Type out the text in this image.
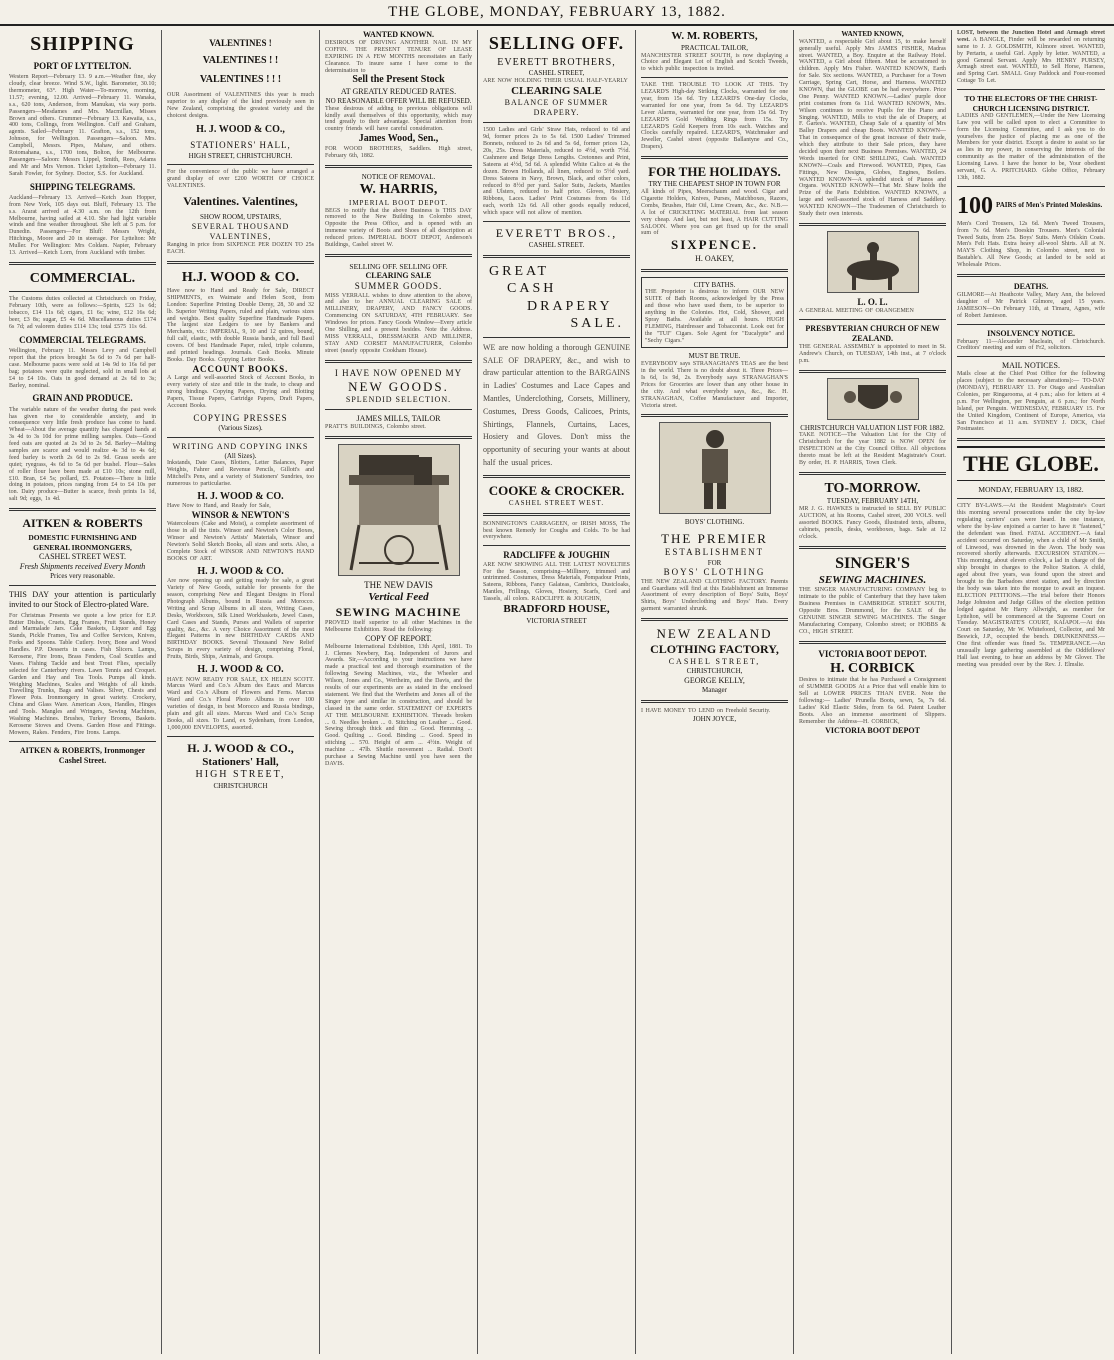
THE GLOBE, MONDAY, FEBRUARY 13, 1882.
SHIPPING
PORT OF LYTTELTON.
Western Report—February 13. 9 a.m.—Weather fine, sky cloudy, clear breeze. Wind S.W., light. Barometer, 30.10; thermometer, 63°. High Water—To-morrow, morning, 11.57; evening, 12.00. Arrived—February 11. Wanaka, s.s., 620 tons, Anderson, from Manukau, via way ports. Passengers—Mesdames and Mrs. Macmillan, Misses Brown and others. Crummer—February 13. Kawaiia, s.s., 400 tons, Collings, from Wellington. Cuff and Graham, agents. Sailed—February 11. Grafton, s.s., 152 tons, Johnson, for Wellington. Passengers—Saloon. Mrs. Campbell, Messrs. Pipes, Mahaw, and others. Rotomahana, s.s., 1700 tons, Bolton, for Melbourne. Passengers—Saloon: Messrs Lippel, Smith, Rees, Adams and Mr and Mrs Vernon. Ticket Lyttelton—February 11. Sarah Fowler, for Sydney. Doctor, S.S. for Auckland.
SHIPPING TELEGRAMS.
Auckland—February 13. Arrived—Ketch Joan Hopper, from New York, 105 days out. Bluff, February 13. The s.s. Ararat arrived at 4.30 a.m. on the 12th from Melbourne, having sailed at 4.10. She had light variable winds and fine weather throughout. She left at 5 p.m. for Dunedin. Passengers—For Bluff: Messrs Wright, Hitchings, Moore and 20 in steerage. For Lyttelton: Mr Muller. For Wellington: Mrs Coldam. Napier, February 13. Arrived—Ketch Lorn, from Auckland with timber.
COMMERCIAL.
The Customs duties collected at Christchurch on Friday, February 10th, were as follows:—Spirits, £23 1s 6d; tobacco, £14 11s 6d; cigars, £1 6s; wine, £12 16s 6d; beer, £3 8s; sugar, £5 4s 6d. Miscellaneous duties £174 6s 7d; ad valorem duties £114 13s; total £575 11s 6d.
COMMERCIAL TELEGRAMS.
Wellington, February 11. Messrs Levy and Campbell report that the prices brought 5s 6d to 7s 6d per half-case. Melbourne paces were sold at 14s 9d to 16s 6d per bag; potatoes were quite neglected, sold in small lots at £4 to £4 10s. Oats in good demand at 2s 6d to 3s; Barley, nominal.
GRAIN AND PRODUCE.
The variable nature of the weather during the past week has given rise to considerable anxiety, and in consequence very little fresh produce has come to hand. Wheat—About the average quantity has changed hands at 3s 4d to 3s 10d for prime milling samples. Oats—Good feed oats are quoted at 2s 3d to 2s 5d. Barley—Malting samples are scarce and would realize 4s 3d to 4s 6d; feed barley is worth 2s 6d to 2s 9d. Grass seeds are quiet; ryegrass, 4s 6d to 5s 6d per bushel. Flour—Sales of roller flour have been made at £10 10s; stone mill, £10. Bran, £4 5s; pollard, £5. Potatoes—There is little doing in potatoes, prices ranging from £4 to £4 10s per ton. Dairy produce—Butter is scarce, fresh prints 1s 1d, salt 9d; eggs, 1s 4d.
AITKEN & ROBERTS
DOMESTIC FURNISHING AND GENERAL IRONMONGERS,
CASHEL STREET WEST.
Fresh Shipments received Every Month
Prices very reasonable.

THIS DAY your attention is particularly invited to our Stock of Electro-plated Ware.

For Christmas Presents we quote a low price for E.P. Butter Dishes, Cruets, Egg Frames, Fruit Stands, Honey and Marmalade Jars. Cake Baskets, Liquor and Egg Stands, Pickle Frames, Tea and Coffee Services, Knives, Forks and Spoons. Table Cutlery. Ivory, Bone and Wood Handles. P.P. Desserts in cases. Fish Slicers. Lamps, Kerosene, Fire Irons, Brass Fenders, Coal Scuttles and Vases. Fishing Tackle and best Trout Flies, specially selected for Canterbury rivers. Lawn Tennis and Croquet. Garden and Hay and Tea Tools. Pumps all kinds. Weighing Machines, Scales and Weights of all kinds. Travelling Trunks, Bags and Valises. Silver, Chests and Flower Pots. Ironmongery in great variety. Crockery, China and Glass Ware. American Axes, Handles, Hinges and Tools. Mangles and Wringers, Sewing Machines, Washing Machines. Brushes, Turkey Brooms, Baskets. Kerosene Stoves and Ovens. Garden Hose and Fittings. Mowers, Rakes. Fenders, Fire Irons. Lamps.
AITKEN & ROBERTS, Ironmonger Cashel Street.
VALENTINES !
VALENTINES ! !
VALENTINES ! ! !
OUR Assortment of VALENTINES this year is much superior to any display of the kind previously seen in New Zealand, comprising the greatest variety and the choicest designs.
H. J. WOOD & CO.,
STATIONERS' HALL,
HIGH STREET, CHRISTCHURCH.
For the convenience of the public we have arranged a grand display of over £200 WORTH OF CHOICE VALENTINES.
Valentines. Valentines,
SHOW ROOM, UPSTAIRS,
SEVERAL THOUSAND VALENTINES,
Ranging in price from SIXPENCE PER DOZEN TO 25s EACH.
H.J. WOOD & CO.
Have now to Hand and Ready for Sale, DIRECT SHIPMENTS, ex Waimate and Helen Scott, from London: Superfine Printing Double Demy, 28, 30 and 32 lb. Superior Writing Papers, ruled and plain, various sizes and weights. Best quality Superfine Handmade Papers. The largest size Ledgers to see by Bankers and Merchants, viz.: IMPERIAL, 9, 10 and 12 quires, bound, full calf, elastic, with double Russia bands, and full Basil covers. Of best Handmade Paper, ruled, triple columns, and printed headings. Journals. Cash Books. Minute Books. Day Books. Copying Letter Books.
ACCOUNT BOOKS.
A Large and well-assorted Stock of Account Books, in every variety of size and title in the trade, to cheap and strong bindings. Copying Papers, Drying and Blotting Papers, Tissue Papers, Cartridge Papers, Draft Papers, Account Books.
COPYING PRESSES
(Various Sizes).
WRITING AND COPYING INKS
(All Sizes).
Inkstands, Date Cases, Blotters, Letter Balances, Paper Weights, Fahrer and Revenue Pencils, Gillott's and Mitchell's Pens, and a variety of Stationers' Sundries, too numerous to particularise.
H. J. WOOD & CO.
Have Now to Hand, and Ready for Sale,
WINSOR & NEWTON'S
Watercolours (Cake and Moist), a complete assortment of those in all the tints. Winsor and Newton's Color Boxes, Winsor and Newton's Artists' Materials, Winsor and Newton's Solid Sketch Books, all sizes and sorts. Also, a Complete Stock of WINSOR AND NEWTON'S HAND BOOKS OF ART.
H. J. WOOD & CO.
Are now opening up and getting ready for sale, a great Variety of New Goods, suitable for presents for the season, comprising New and Elegant Designs in Floral Photograph Albums, bound in Russia and Morocco. Writing and Scrap Albums in all sizes, Writing Cases, Desks, Workboxes, Silk Lined Workbaskets, Jewel Cases, Card Cases and Stands, Purses and Wallets of superior quality, &c., &c. A very Choice Assortment of the most Elegant Patterns in new BIRTHDAY CARDS AND BIRTHDAY BOOKS. Several Thousand New Relief Scraps in every variety of design, comprising Floral, Fruits, Birds, Ships, Animals, and Groups.
H. J. WOOD & CO.
HAVE NOW READY FOR SALE, EX HELEN SCOTT. Marcus Ward and Co.'s Album des Eaux and Marcus Ward and Co.'s Album of Flowers and Ferns. Marcus Ward and Co.'s Floral Photo Albums in over 100 varieties of design, in best Morocco and Russia bindings, plain and gilt all sizes. Marcus Ward and Co.'s Scrap Books, all sizes. To Land, ex Sydenham, from London, 1,000,000 ENVELOPES, assorted.
H. J. WOOD & CO.,
Stationers' Hall,
HIGH STREET,
CHRISTCHURCH
WANTED KNOWN.
DESIROUS OF DRIVING ANOTHER NAIL IN MY COFFIN. THE PRESENT TENURE OF LEASE EXPIRING IN A FEW MONTHS necessitates an Early Clearance. To insure same I have come to the determination to
Sell the Present Stock
AT GREATLY REDUCED RATES.
NO REASONABLE OFFER WILL BE REFUSED.
These desirous of adding to previous obligations will kindly avail themselves of this opportunity, which may tend greatly to their advantage. Special attention from country friends will have careful consideration.
James Wood, Sen.,
FOR WOOD BROTHERS, Saddlers. High street, February 6th, 1882.
NOTICE OF REMOVAL.
W. HARRIS,
IMPERIAL BOOT DEPOT.
BEGS to notify that the above Business is THIS DAY removed to the New Building in Colombo street, Opposite the Press Office, and is opened with an immense variety of Boots and Shoes of all description at reduced prices. IMPERIAL BOOT DEPOT, Anderson's Buildings, Cashel street W.
SELLING OFF. SELLING OFF.
CLEARING SALE
SUMMER GOODS.
MISS VERRALL wishes to draw attention to the above, and also to her ANNUAL CLEARING SALE of MILLINERY, DRAPERY, AND FANCY GOODS. Commencing ON SATURDAY, 4TH FEBRUARY. See Windows for prices. Fancy Goods Window—Every article One Shilling, and a present besides. Note the Address. MISS VERRALL, DRESSMAKER AND MILLINER, STAY AND CORSET MANUFACTURER, Colombo street (nearly opposite Cookham House).
I HAVE NOW OPENED MY
NEW GOODS.
SPLENDID SELECTION.
JAMES MILLS, TAILOR
PRATT'S BUILDINGS, Colombo street.
THE NEW DAVIS
Vertical Feed
SEWING MACHINE
PROVED itself superior to all other Machines in the Melbourne Exhibition. Read the following:
COPY OF REPORT.
Melbourne International Exhibition, 13th April, 1881. To J. Clemes Newbery, Esq. Independent of Jurors and Awards. Sir,—According to your instructions we have made a practical test and thorough examination of the following Sewing Machines, viz., the Wheeler and Wilson, Jones and Co., Wertheim, and the Davis, and the results of our experiments are as stated in the enclosed statement. We find that the Wertheim and Jones all of the Singer type and similar in construction, and should be classed in the same order. STATEMENT OF EXPERTS AT THE MELBOURNE EXHIBITION. Threads broken ... 0. Needles broken ... 0. Stitching on Leather ... Good. Sewing through thick and thin ... Good. Hemming ... Good. Quilting ... Good. Binding ... Good. Speed in stitching ... 570. Height of arm ... 4½in. Weight of machine ... 47lb. Shuttle movement ... Radial. Don't purchase a Sewing Machine until you have seen the DAVIS.
SELLING OFF.
EVERETT BROTHERS,
CASHEL STREET,
ARE NOW HOLDING THEIR USUAL HALF-YEARLY
CLEARING SALE
BALANCE OF SUMMER DRAPERY.
1500 Ladies and Girls' Straw Hats, reduced to 6d and 9d, former prices 2s to 5s 6d. 1500 Ladies' Trimmed Bonnets, reduced to 2s 6d and 5s 6d, former prices 12s, 20s, 25s. Dress Materials, reduced to 4½d, worth 7½d. Cashmere and Beige Dress Lengths. Cretonnes and Print, Sateens at 4½d, 5d 6d. A splendid White Calico at 4s the dozen. Brown Hollands, all linen, reduced to 5½d yard. Dress Sateens in Navy, Brown, Black, and other colors, reduced to 8½d per yard. Sailor Suits, Jackets, Mantles and Ulsters, reduced to half price. Gloves, Hosiery, Ribbons, Laces. Ladies' Print Costumes from 6s 11d each, worth 12s 6d. All other goods equally reduced, which space will not allow of mention.
EVERETT BROS.,
CASHEL STREET.
GREAT
CASH
DRAPERY
SALE.
WE are now holding a thorough GENUINE SALE OF DRAPERY, &c., and wish to draw particular attention to the BARGAINS in Ladies' Costumes and Lace Capes and Mantles, Underclothing, Corsets, Millinery, Costumes, Dress Goods, Calicoes, Prints, Shirtings, Flannels, Curtains, Laces, Hosiery and Gloves. Don't miss the opportunity of securing your wants at about half the usual prices.
COOKE & CROCKER.
CASHEL STREET WEST.
BONNINGTON'S CARRAGEEN, or IRISH MOSS, The best known Remedy for Coughs and Colds. To be had everywhere.
RADCLIFFE & JOUGHIN
ARE NOW SHOWING ALL THE LATEST NOVELTIES For the Season, comprising—Millinery, trimmed and untrimmed. Costumes, Dress Materials, Pompadour Prints, Sateens, Ribbons, Fancy Galateas, Cambrics, Dustcloaks, Mantles, Frillings, Gloves, Hosiery, Scarfs, Cord and Tassels, all colors. RADCLIFFE & JOUGHIN,
BRADFORD HOUSE,
VICTORIA STREET
W. M. ROBERTS,
PRACTICAL TAILOR,
MANCHESTER STREET SOUTH, is now displaying a Choice and Elegant Lot of English and Scotch Tweeds, to which public inspection is invited.
TAKE THE TROUBLE TO LOOK AT THIS. Try LEZARD'S High-day Striking Clocks, warranted for one year, from 15s 6d. Try LEZARD'S One-day Clocks, warranted for one year, from 5s 6d. Try LEZARD'S Lever Alarms, warranted for one year, from 15s 6d. Try LEZARD'S Gold Wedding Rings from 15s. Try LEZARD'S Gold Keepers from 10s each. Watches and Clocks carefully repaired. LEZARD'S, Watchmaker and Jeweller, Cashel street (opposite Ballantyne and Co., Drapers).
FOR THE HOLIDAYS.
TRY THE CHEAPEST SHOP IN TOWN FOR
All kinds of Pipes, Meerschaum and wood. Cigar and Cigarette Holders, Knives, Purses, Matchboxes, Razors, Combs, Brushes, Hair Oil, Lime Cream, &c., &c. N.B.—A lot of CRICKETING MATERIAL from last season very cheap. And last, but not least, A HAIR CUTTING SALOON. Where you can get fixed up for the small sum of
SIXPENCE.
H. OAKEY,
CITY BATHS.
THE Proprietor is desirous to inform OUR NEW SUITE of Bath Rooms, acknowledged by the Press and those who have used them, to be superior to anything in the Colonies. Hot, Cold, Shower, and Spray Baths. Available at all hours. HUGH FLEMING, Hairdresser and Tobacconist. Look out for the "TUI" Cigars. Sole Agent for "Eucalypte" and "Sechy Cigars."
MUST BE TRUE.
EVERYBODY says STRANAGHAN'S TEAS are the best in the world. There is no doubt about it. Three Prices—Is 6d, 1s 9d, 2s. Everybody says STRANAGHAN'S Prices for Groceries are lower than any other house in the city. And what everybody says, &c., &c. H. STRANAGHAN, Coffee Manufacturer and Importer, Victoria street.
BOYS' CLOTHING.
THE PREMIER
ESTABLISHMENT
FOR
BOYS' CLOTHING
THE NEW ZEALAND CLOTHING FACTORY. Parents and Guardians will find at this Establishment an Immense Assortment of every description of Boys' Suits, Boys' Shirts, Boys' Underclothing and Boys' Hats. Every garment warranted shrunk.
NEW ZEALAND
CLOTHING FACTORY,
CASHEL STREET,
CHRISTCHURCH,
GEORGE KELLY,
Manager
I HAVE MONEY TO LEND on Freehold Security.
JOHN JOYCE,
WANTED KNOWN,
WANTED, a respectable Girl about 15, to make herself generally useful. Apply Mrs JAMES FISHER, Madras street. WANTED, a Boy. Enquire at the Railway Hotel. WANTED, a Girl about fifteen. Must be accustomed to children. Apply Mrs Fisher. WANTED KNOWN, Earth for Sale. Six sections. WANTED, a Purchaser for a Town Carriage, Spring Cart, Horse, and Harness. WANTED KNOWN, that the GLOBE can be had everywhere. Price One Penny. WANTED KNOWN.—Ladies' purple door print costumes from 6s 11d. WANTED KNOWN, Mrs. Wilson continues to receive Pupils for the Piano and Singing. WANTED, Mills to visit the ale of Drapery, at F. Gartes's. WANTED, Cheap Sale of a quantity of Mrs Ballsy Drapers and cheap Boots. WANTED KNOWN—That in consequence of the great increase of their trade, which they attribute to their Sale prices, they have decided upon their next Business Premises. WANTED, 24 Words inserted for ONE SHILLING, Cash. WANTED KNOWN—Coals and Firewood. WANTED, Pipes, Gas Fittings, New Designs, Globes, Engines, Boilers. WANTED KNOWN—A splendid stock of Pianos and Organs. WANTED KNOWN—That Mr. Shaw holds the Prize of the Paris Exhibition. WANTED KNOWN, a large and well-assorted stock of Harness and Saddlery. WANTED KNOWN—The Tradesmen of Christchurch to Study their own interests.
L. O. L.
A GENERAL MEETING OF ORANGEMEN
PRESBYTERIAN CHURCH OF NEW ZEALAND.
THE GENERAL ASSEMBLY is appointed to meet in St. Andrew's Church, on TUESDAY, 14th inst., at 7 o'clock p.m.
CHRISTCHURCH VALUATION LIST FOR 1882.
TAKE NOTICE—The Valuation List for the City of Christchurch for the year 1882 is NOW OPEN for INSPECTION at the City Council Office. All objections thereto must be left at the Resident Magistrate's Court. By order, H. P. HARRIS, Town Clerk.
TO-MORROW.
TUESDAY, FEBRUARY 14TH,
MR J. G. HAWKES is instructed to SELL BY PUBLIC AUCTION, at his Rooms, Cashel street, 200 VOLS. well assorted BOOKS. Fancy Goods, illustrated texts, albums, cabinets, pencils, desks, workboxes, bags. Sale at 12 o'clock.
SINGER'S
SEWING MACHINES.
THE SINGER MANUFACTURING COMPANY beg to intimate to the public of Canterbury that they have taken Business Premises in CAMBRIDGE STREET SOUTH, Opposite Bros. Drummond, for the SALE of the GENUINE SINGER SEWING MACHINES. The Singer Manufacturing Company, Colombo street; or HOBBS & CO., HIGH STREET.
VICTORIA BOOT DEPOT.
H. CORBICK
Desires to intimate that he has Purchased a Consignment of SUMMER GOODS At a Price that will enable him to Sell at LOWER PRICES THAN EVER. Note the following:— Ladies' Prunella Boots, sewn, 5s, 7s 6d. Ladies' Kid Elastic Sides, from 6s 6d. Patent Leather Boots. Also an immense assortment of Slippers. Remember the Address—H. CORBICK,
VICTORIA BOOT DEPOT
LOST, between the Junction Hotel and Armagh street west. A BANGLE, Finder will be rewarded on returning same to J. J. GOLDSMITH, Kilmore street. WANTED, by Pertarin, a useful Girl. Apply by letter. WANTED, a good General Servant. Apply Mrs HENRY PURSEY, Armagh street east. WANTED, to Sell Horse, Harness, and Spring Cart. SMALL Gray Paddock and Four-roomed Cottage To Let.
TO THE ELECTORS OF THE CHRIST-CHURCH LICENSING DISTRICT.
LADIES AND GENTLEMEN,—Under the New Licensing Law you will be called upon to elect a Committee to form the Licensing Committee, and I ask you to do yourselves the justice of placing me as one of the Members for your district. Except a desire to assist so far as lies in my power, in conserving the interests of the community as the matter of the administration of the Licensing Laws. I have the honor to be, Your obedient servant, G. A. PRITCHARD. Globe Office, February 13th, 1882.
100 PAIRS of Men's Printed Moleskins.
Men's Cord Trousers, 12s 6d. Men's Tweed Trousers, from 7s 6d. Men's Doeskin Trousers. Men's Colonial Tweed Suits, from 25s. Boys' Suits. Men's Oilskin Coats. Men's Felt Hats. Extra heavy all-wool Shirts. All at N. MAY'S Clothing Shop, in Colombo street, next to Bastable's. All New Goods; at landed to be sold at Wholesale Prices.
DEATHS.
GILMORE—At Heathcote Valley, Mary Ann, the beloved daughter of Mr Patrick Gilmore, aged 15 years. JAMIESON—On February 11th, at Timaru, Agnes, wife of Robert Jamieson.
INSOLVENCY NOTICE.
February 11—Alexander Macleain, of Christchurch. Creditors' meeting and sum of Fr2, solicitors.
MAIL NOTICES.
Mails close at the Chief Post Office for the following places (subject to the necessary alterations):— TO-DAY (MONDAY), FEBRUARY 13. For Otago and Australian Colonies, per Ringarooma, at 4 p.m.; also for letters at 4 p.m. For Wellington, per Penguin, at 6 p.m.; for North Island, per Penguin. WEDNESDAY, FEBRUARY 15. For the United Kingdom, Continent of Europe, America, via San Francisco at 11 a.m. SYDNEY J. DICK, Chief Postmaster.
THE GLOBE.
MONDAY, FEBRUARY 13, 1882.
CITY BY-LAWS.—At the Resident Magistrate's Court this morning several prosecutions under the city by-law regulating carriers' cars were heard. In one instance, where the by-law enjoined a carrier to have it "fastened," the defendant was fined. FATAL ACCIDENT.—A fatal accident occurred on Saturday, when a child of Mr Smith, of Linwood, was drowned in the Avon. The body was recovered shortly afterwards. EXCURSION STATION.—This morning, about eleven o'clock, a lad in charge of the ship brought in charges to the Police Station. A child, aged about five years, was found upon the street and brought to the Barbadoes street station, and by direction the body was taken into the morgue to await an inquest. ELECTION PETITIONS.—The trial before their Honors Judge Johnston and Judge Gillies of the election petition lodged against Mr Harry Allwright, as member for Lyttelton, will be commenced at the Supreme Court on Tuesday. MAGISTRATE'S COURT, KAIAPOI.—At this Court on Saturday, Mr W. Whitefoord, Collector, and Mr Beswick, J.P., occupied the bench. DRUNKENNESS.—One first offender was fined 5s. TEMPERANCE.—An unusually large gathering assembled at the Oddfellows' Hall last evening, to hear an address by Mr Glover. The meeting was presided over by the Rev. J. Elmslie.
